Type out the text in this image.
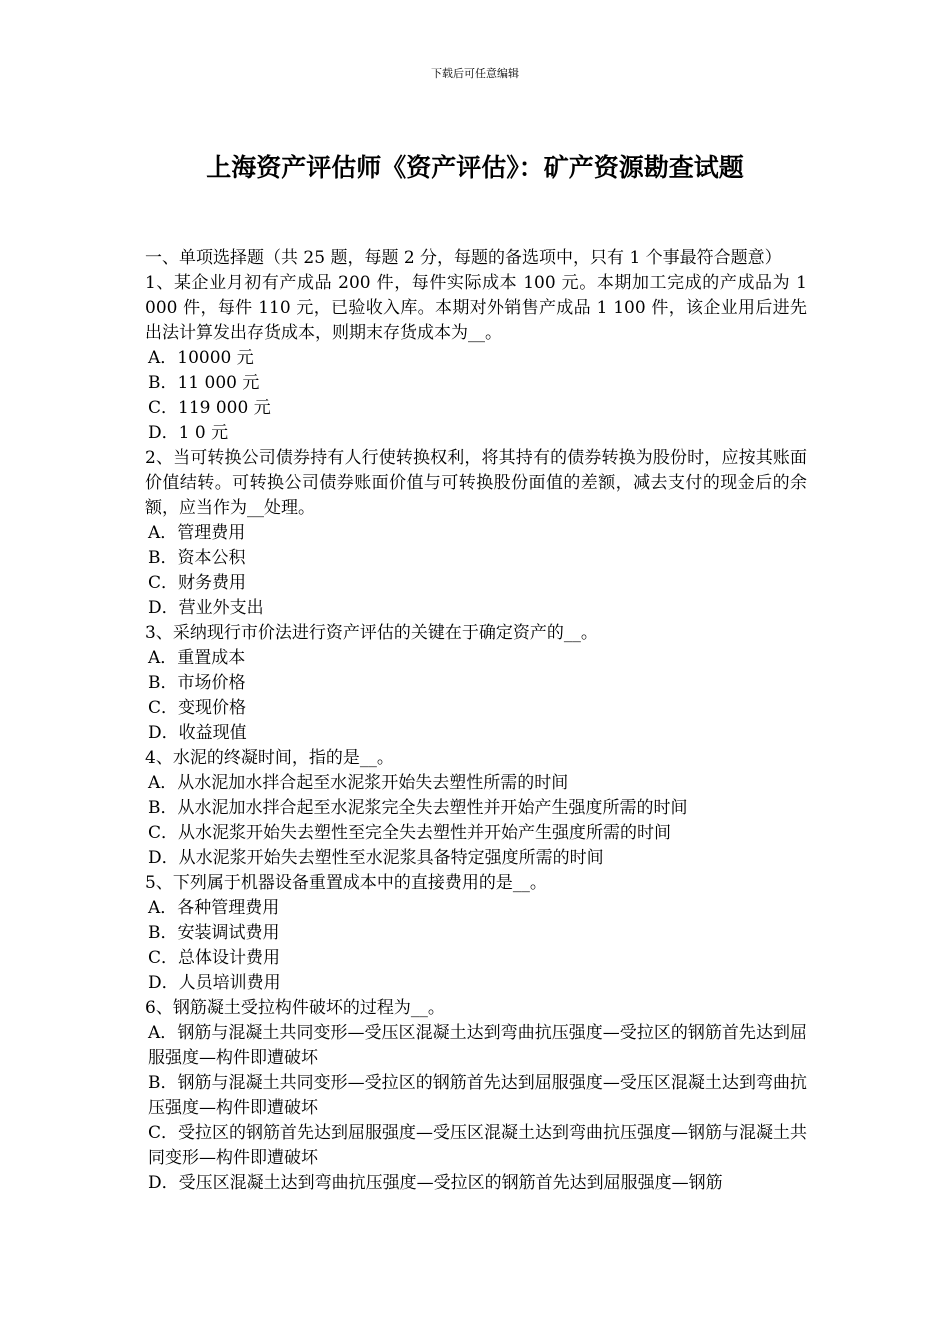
下载后可任意编辑
上海资产评估师《资产评估》：矿产资源勘查试题

一、单项选择题（共 25 题，每题 2 分，每题的备选项中，只有 1 个事最符合题意）

1、某企业月初有产成品 200 件，每件实际成本 100 元。本期加工完成的产成品为 1 000 件，每件 110 元，已验收入库。本期对外销售产成品 1 100 件，该企业用后进先出法计算发出存货成本，则期末存货成本为__。

A．10000 元

B．11 000 元

C．119 000 元

D．1 0 元

2、当可转换公司债券持有人行使转换权利，将其持有的债券转换为股份时，应按其账面价值结转。可转换公司债券账面价值与可转换股份面值的差额，减去支付的现金后的余额，应当作为__处理。

A．管理费用

B．资本公积

C．财务费用

D．营业外支出

3、采纳现行市价法进行资产评估的关键在于确定资产的__。

A．重置成本

B．市场价格

C．变现价格

D．收益现值

4、水泥的终凝时间，指的是__。

A．从水泥加水拌合起至水泥浆开始失去塑性所需的时间

B．从水泥加水拌合起至水泥浆完全失去塑性并开始产生强度所需的时间

C．从水泥浆开始失去塑性至完全失去塑性并开始产生强度所需的时间

D．从水泥浆开始失去塑性至水泥浆具备特定强度所需的时间

5、下列属于机器设备重置成本中的直接费用的是__。

A．各种管理费用

B．安装调试费用

C．总体设计费用

D．人员培训费用

6、钢筋凝土受拉构件破坏的过程为__。

A．钢筋与混凝土共同变形—受压区混凝土达到弯曲抗压强度—受拉区的钢筋首先达到屈服强度—构件即遭破坏

B．钢筋与混凝土共同变形—受拉区的钢筋首先达到屈服强度—受压区混凝土达到弯曲抗压强度—构件即遭破坏

C．受拉区的钢筋首先达到屈服强度—受压区混凝土达到弯曲抗压强度—钢筋与混凝土共同变形—构件即遭破坏

D．受压区混凝土达到弯曲抗压强度—受拉区的钢筋首先达到屈服强度—钢筋
